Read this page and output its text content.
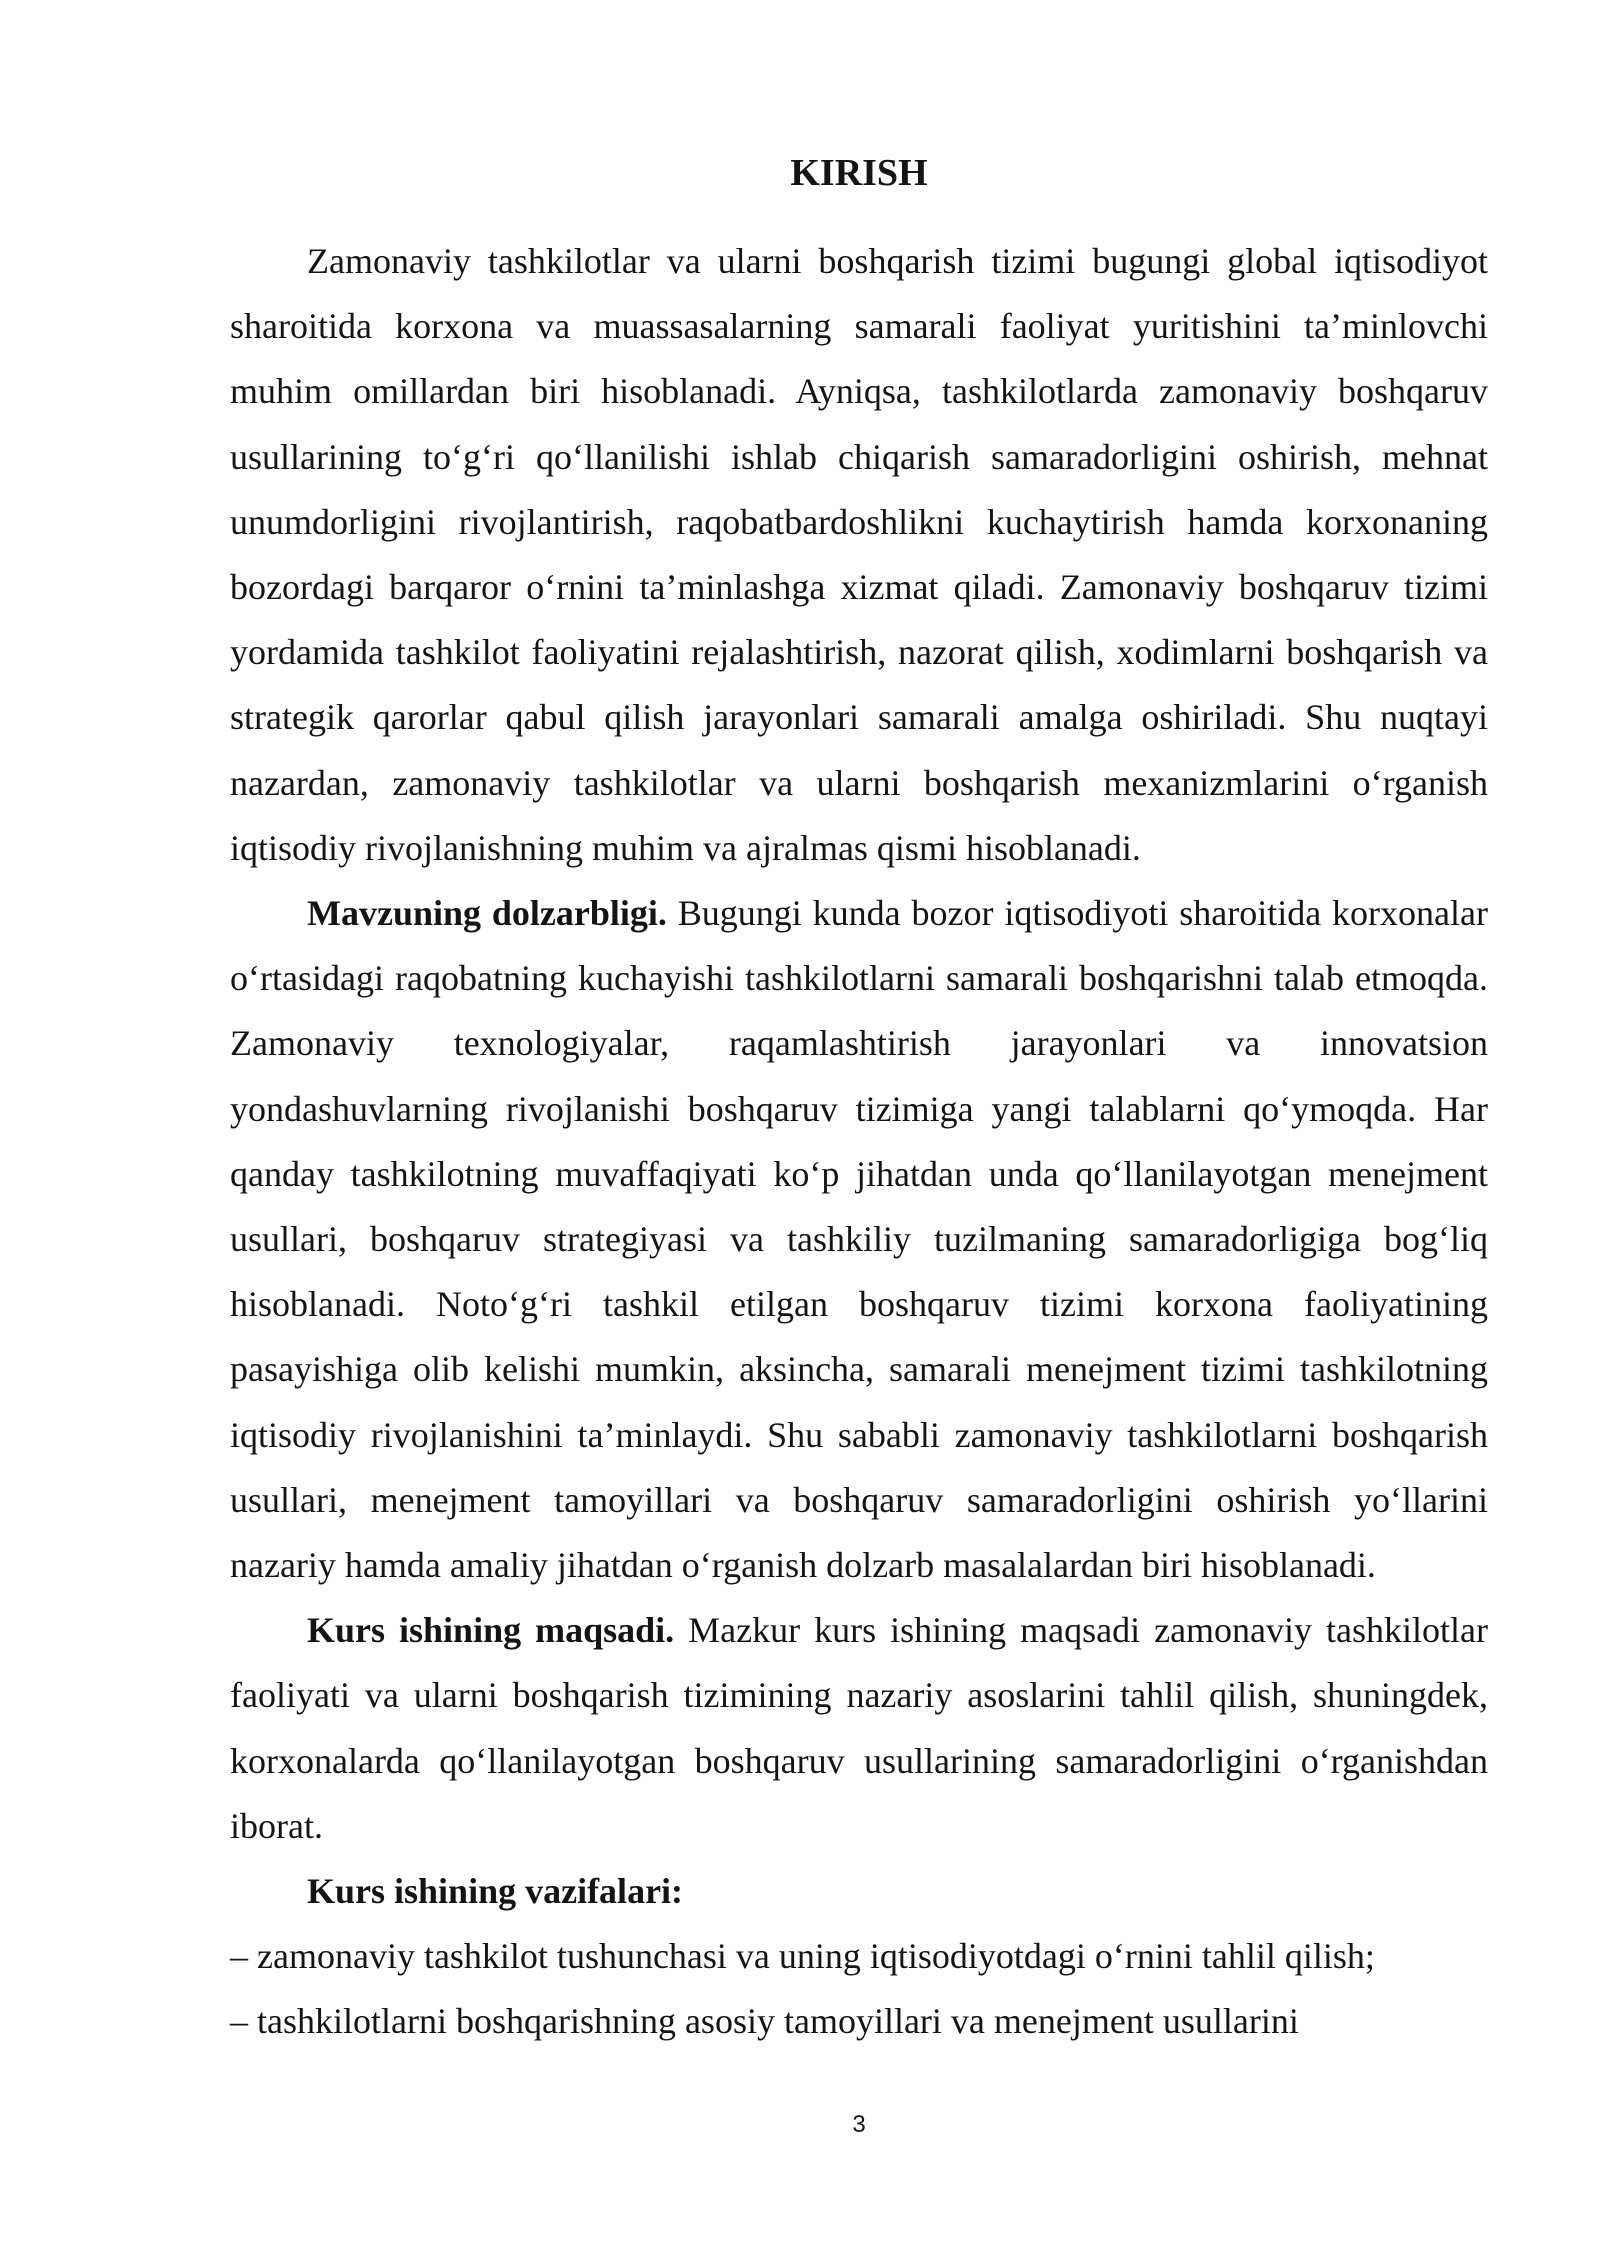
KIRISH

Zamonaviy tashkilotlar va ularni boshqarish tizimi bugungi global iqtisodiyot sharoitida korxona va muassasalarning samarali faoliyat yuritishini ta’minlovchi muhim omillardan biri hisoblanadi. Ayniqsa, tashkilotlarda zamonaviy boshqaruv usullarining to‘g‘ri qo‘llanilishi ishlab chiqarish samaradorligini oshirish, mehnat unumdorligini rivojlantirish, raqobatbardoshlikni kuchaytirish hamda korxonaning bozordagi barqaror o‘rnini ta’minlashga xizmat qiladi. Zamonaviy boshqaruv tizimi yordamida tashkilot faoliyatini rejalashtirish, nazorat qilish, xodimlarni boshqarish va strategik qarorlar qabul qilish jarayonlari samarali amalga oshiriladi. Shu nuqtayi nazardan, zamonaviy tashkilotlar va ularni boshqarish mexanizmlarini o‘rganish iqtisodiy rivojlanishning muhim va ajralmas qismi hisoblanadi.

Mavzuning dolzarbligi. Bugungi kunda bozor iqtisodiyoti sharoitida korxonalar o‘rtasidagi raqobatning kuchayishi tashkilotlarni samarali boshqarishni talab etmoqda. Zamonaviy texnologiyalar, raqamlashtirish jarayonlari va innovatsion yondashuvlarning rivojlanishi boshqaruv tizimiga yangi talablarni qo‘ymoqda. Har qanday tashkilotning muvaffaqiyati ko‘p jihatdan unda qo‘llanilayotgan menejment usullari, boshqaruv strategiyasi va tashkiliy tuzilmaning samaradorligiga bog‘liq hisoblanadi. Noto‘g‘ri tashkil etilgan boshqaruv tizimi korxona faoliyatining pasayishiga olib kelishi mumkin, aksincha, samarali menejment tizimi tashkilotning iqtisodiy rivojlanishini ta’minlaydi. Shu sababli zamonaviy tashkilotlarni boshqarish usullari, menejment tamoyillari va boshqaruv samaradorligini oshirish yo‘llarini nazariy hamda amaliy jihatdan o‘rganish dolzarb masalalardan biri hisoblanadi.

Kurs ishining maqsadi. Mazkur kurs ishining maqsadi zamonaviy tashkilotlar faoliyati va ularni boshqarish tizimining nazariy asoslarini tahlil qilish, shuningdek, korxonalarda qo‘llanilayotgan boshqaruv usullarining samaradorligini o‘rganishdan iborat.

Kurs ishining vazifalari:

– zamonaviy tashkilot tushunchasi va uning iqtisodiyotdagi o‘rnini tahlil qilish;

– tashkilotlarni boshqarishning asosiy tamoyillari va menejment usullarini

3
